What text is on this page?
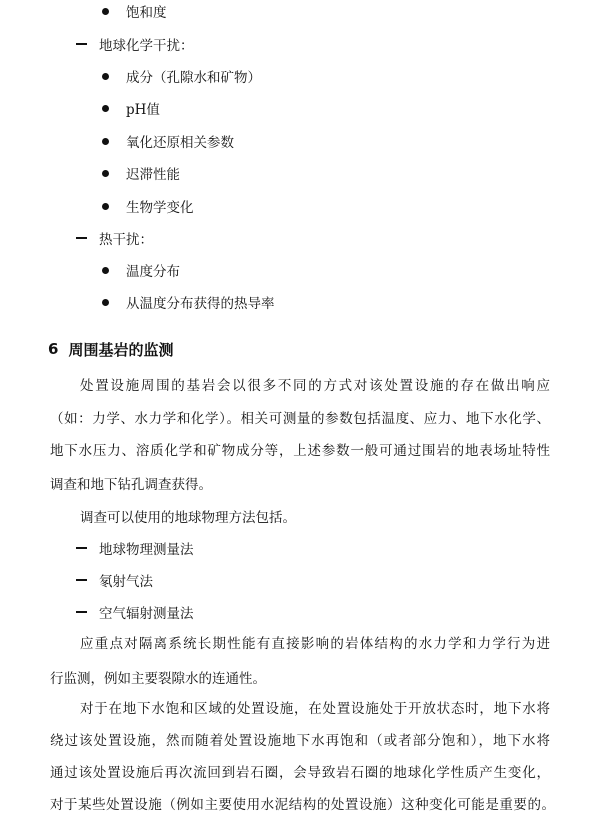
饱和度
地球化学干扰：
成分（孔隙水和矿物）
pH值
氧化还原相关参数
迟滞性能
生物学变化
热干扰：
温度分布
从温度分布获得的热导率
6 周围基岩的监测
处置设施周围的基岩会以很多不同的方式对该处置设施的存在做出响应
（如：力学、水力学和化学）。相关可测量的参数包括温度、应力、地下水化学、
地下水压力、溶质化学和矿物成分等，上述参数一般可通过围岩的地表场址特性
调查和地下钻孔调查获得。
调查可以使用的地球物理方法包括。
地球物理测量法
氡射气法
空气辐射测量法
应重点对隔离系统长期性能有直接影响的岩体结构的水力学和力学行为进
行监测，例如主要裂隙水的连通性。
对于在地下水饱和区域的处置设施，在处置设施处于开放状态时，地下水将
绕过该处置设施，然而随着处置设施地下水再饱和（或者部分饱和），地下水将
通过该处置设施后再次流回到岩石圈，会导致岩石圈的地球化学性质产生变化，
对于某些处置设施（例如主要使用水泥结构的处置设施）这种变化可能是重要的。
